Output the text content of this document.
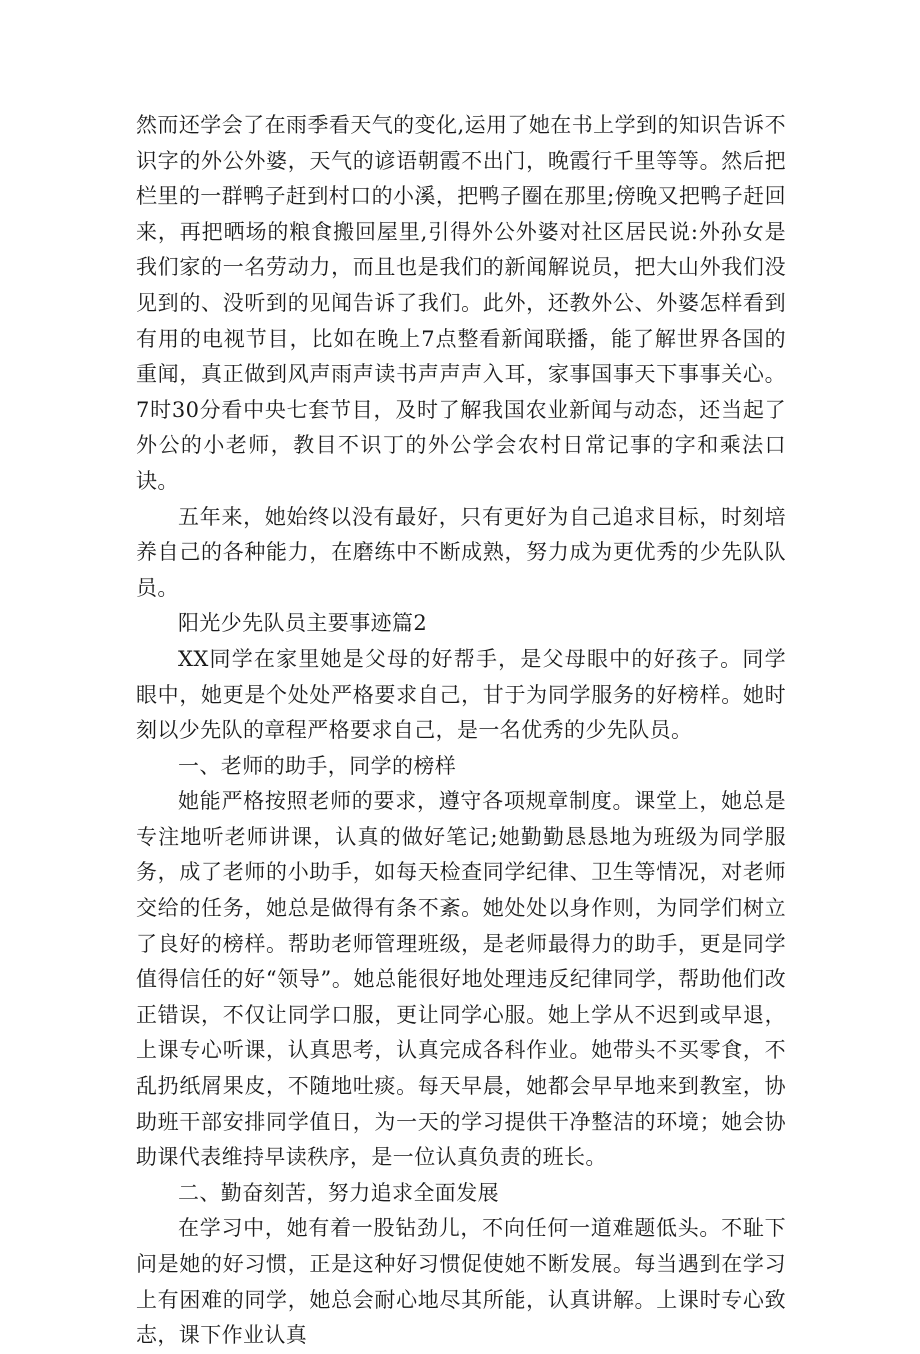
然而还学会了在雨季看天气的变化,运用了她在书上学到的知识告诉不识字的外公外婆，天气的谚语朝霞不出门，晚霞行千里等等。然后把栏里的一群鸭子赶到村口的小溪，把鸭子圈在那里;傍晚又把鸭子赶回来，再把晒场的粮食搬回屋里,引得外公外婆对社区居民说:外孙女是我们家的一名劳动力，而且也是我们的新闻解说员，把大山外我们没见到的、没听到的见闻告诉了我们。此外，还教外公、外婆怎样看到有用的电视节目，比如在晚上7点整看新闻联播，能了解世界各国的重闻，真正做到风声雨声读书声声声入耳，家事国事天下事事关心。7时30分看中央七套节目，及时了解我国农业新闻与动态，还当起了外公的小老师，教目不识丁的外公学会农村日常记事的字和乘法口诀。

五年来，她始终以没有最好，只有更好为自己追求目标，时刻培养自己的各种能力，在磨练中不断成熟，努力成为更优秀的少先队队员。

阳光少先队员主要事迹篇2

XX同学在家里她是父母的好帮手，是父母眼中的好孩子。同学眼中，她更是个处处严格要求自己，甘于为同学服务的好榜样。她时刻以少先队的章程严格要求自己，是一名优秀的少先队员。

一、老师的助手，同学的榜样

她能严格按照老师的要求，遵守各项规章制度。课堂上，她总是专注地听老师讲课，认真的做好笔记;她勤勤恳恳地为班级为同学服务，成了老师的小助手，如每天检查同学纪律、卫生等情况，对老师交给的任务，她总是做得有条不紊。她处处以身作则，为同学们树立了良好的榜样。帮助老师管理班级，是老师最得力的助手，更是同学值得信任的好“领导”。她总能很好地处理违反纪律同学，帮助他们改正错误，不仅让同学口服，更让同学心服。她上学从不迟到或早退，上课专心听课，认真思考，认真完成各科作业。她带头不买零食，不乱扔纸屑果皮，不随地吐痰。每天早晨，她都会早早地来到教室，协助班干部安排同学值日，为一天的学习提供干净整洁的环境；她会协助课代表维持早读秩序，是一位认真负责的班长。

二、勤奋刻苦，努力追求全面发展

在学习中，她有着一股钻劲儿，不向任何一道难题低头。不耻下问是她的好习惯，正是这种好习惯促使她不断发展。每当遇到在学习上有困难的同学，她总会耐心地尽其所能，认真讲解。上课时专心致志，课下作业认真
